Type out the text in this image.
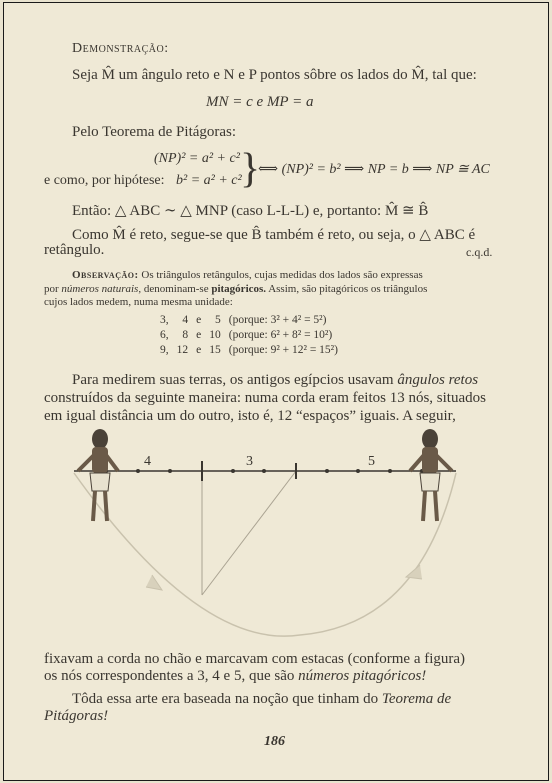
Demonstração:
Seja M̂ um ângulo reto e N e P pontos sôbre os lados do M̂, tal que:
MN = c e MP = a
Pelo Teorema de Pitágoras:
(NP)² = a² + c²
e como, por hipótese: b² = a² + c²
}
⟺ (NP)² = b² ⟹ NP = b ⟹ NP ≅ AC
Então: △ ABC ∼ △ MNP (caso L-L-L) e, portanto: M̂ ≅ B̂
Como M̂ é reto, segue-se que B̂ também é reto, ou seja, o △ ABC é
retângulo.	c.q.d.
Observação: Os triângulos retângulos, cujas medidas dos lados são expressas
por números naturais, denominam-se pitagóricos. Assim, são pitagóricos os triângulos
cujos lados medem, numa mesma unidade:
3,	4	e	5	(porque: 3² + 4² = 5²)
6,	8	e	10	(porque: 6² + 8² = 10²)
9,	12	e	15	(porque: 9² + 12² = 15²)
Para medirem suas terras, os antigos egípcios usavam ângulos retos
construídos da seguinte maneira: numa corda eram feitos 13 nós, situados
em igual distância um do outro, isto é, 12 “espaços” iguais. A seguir,
4	3	5
fixavam a corda no chão e marcavam com estacas (conforme a figura)
os nós correspondentes a 3, 4 e 5, que são números pitagóricos!
Tôda essa arte era baseada na noção que tinham do Teorema de
Pitágoras!
186
